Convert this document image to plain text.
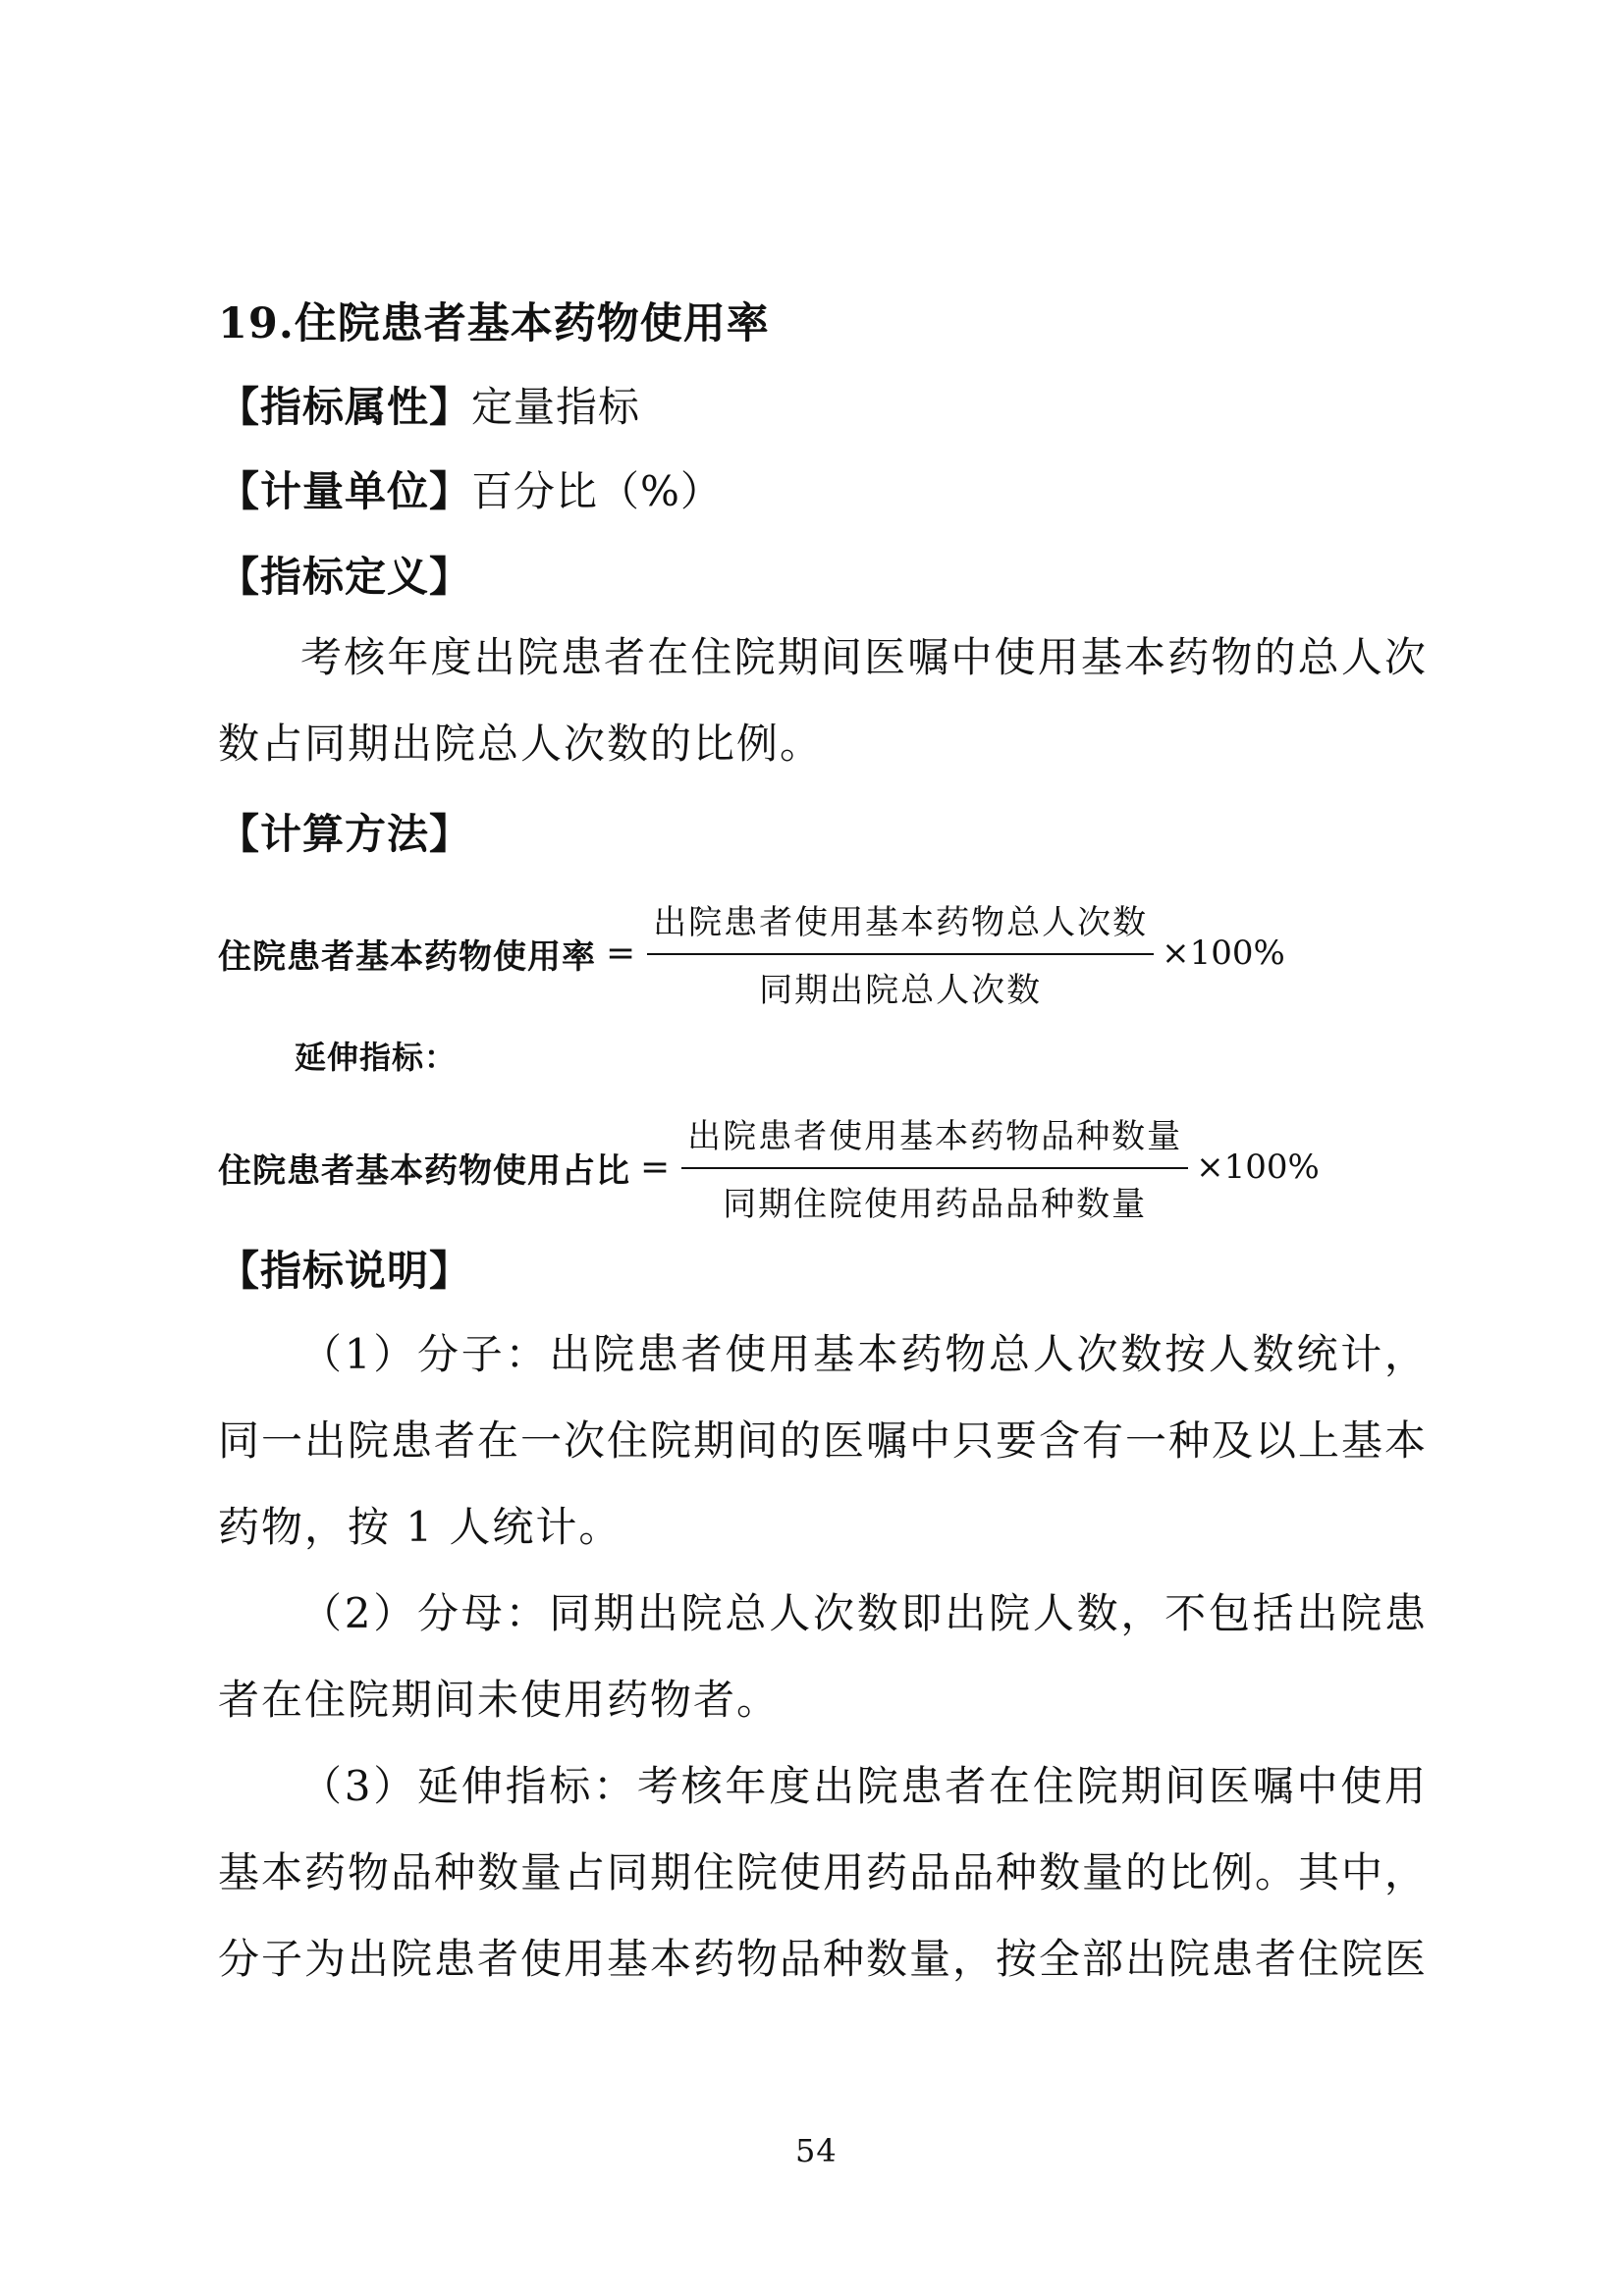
19.住院患者基本药物使用率
【指标属性】定量指标
【计量单位】百分比（%）
【指标定义】
考核年度出院患者在住院期间医嘱中使用基本药物的总人次数占同期出院总人次数的比例。
【计算方法】
住院患者基本药物使用率 = $\frac{\text{出院患者使用基本药物总人次数}}{\text{同期出院总人次数}} \times 100\%$
延伸指标：
住院患者基本药物使用占比 = $\frac{\text{出院患者使用基本药物品种数量}}{\text{同期住院使用药品品种数量}} \times 100\%$
【指标说明】
（1）分子：出院患者使用基本药物总人次数按人数统计，同一出院患者在一次住院期间的医嘱中只要含有一种及以上基本药物，按 1 人统计。
（2）分母：同期出院总人次数即出院人数，不包括出院患者在住院期间未使用药物者。
（3）延伸指标：考核年度出院患者在住院期间医嘱中使用基本药物品种数量占同期住院使用药品品种数量的比例。其中，分子为出院患者使用基本药物品种数量，按全部出院患者住院医
54
